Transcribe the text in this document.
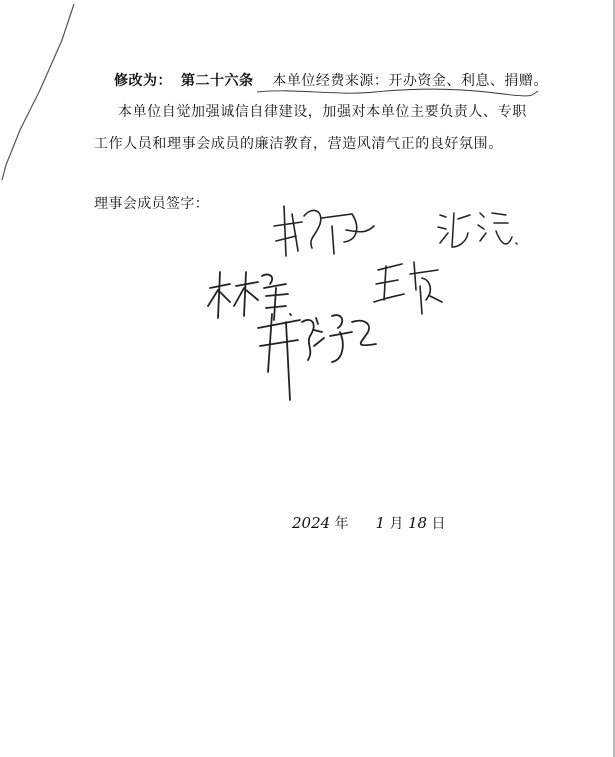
修改为： 第二十六条 本单位经费来源：开办资金、利息、捐赠。
本单位自觉加强诚信自律建设，加强对本单位主要负责人、专职
工作人员和理事会成员的廉洁教育，营造风清气正的良好氛围。
理事会成员签字：
2024 年 1 月 18 日
